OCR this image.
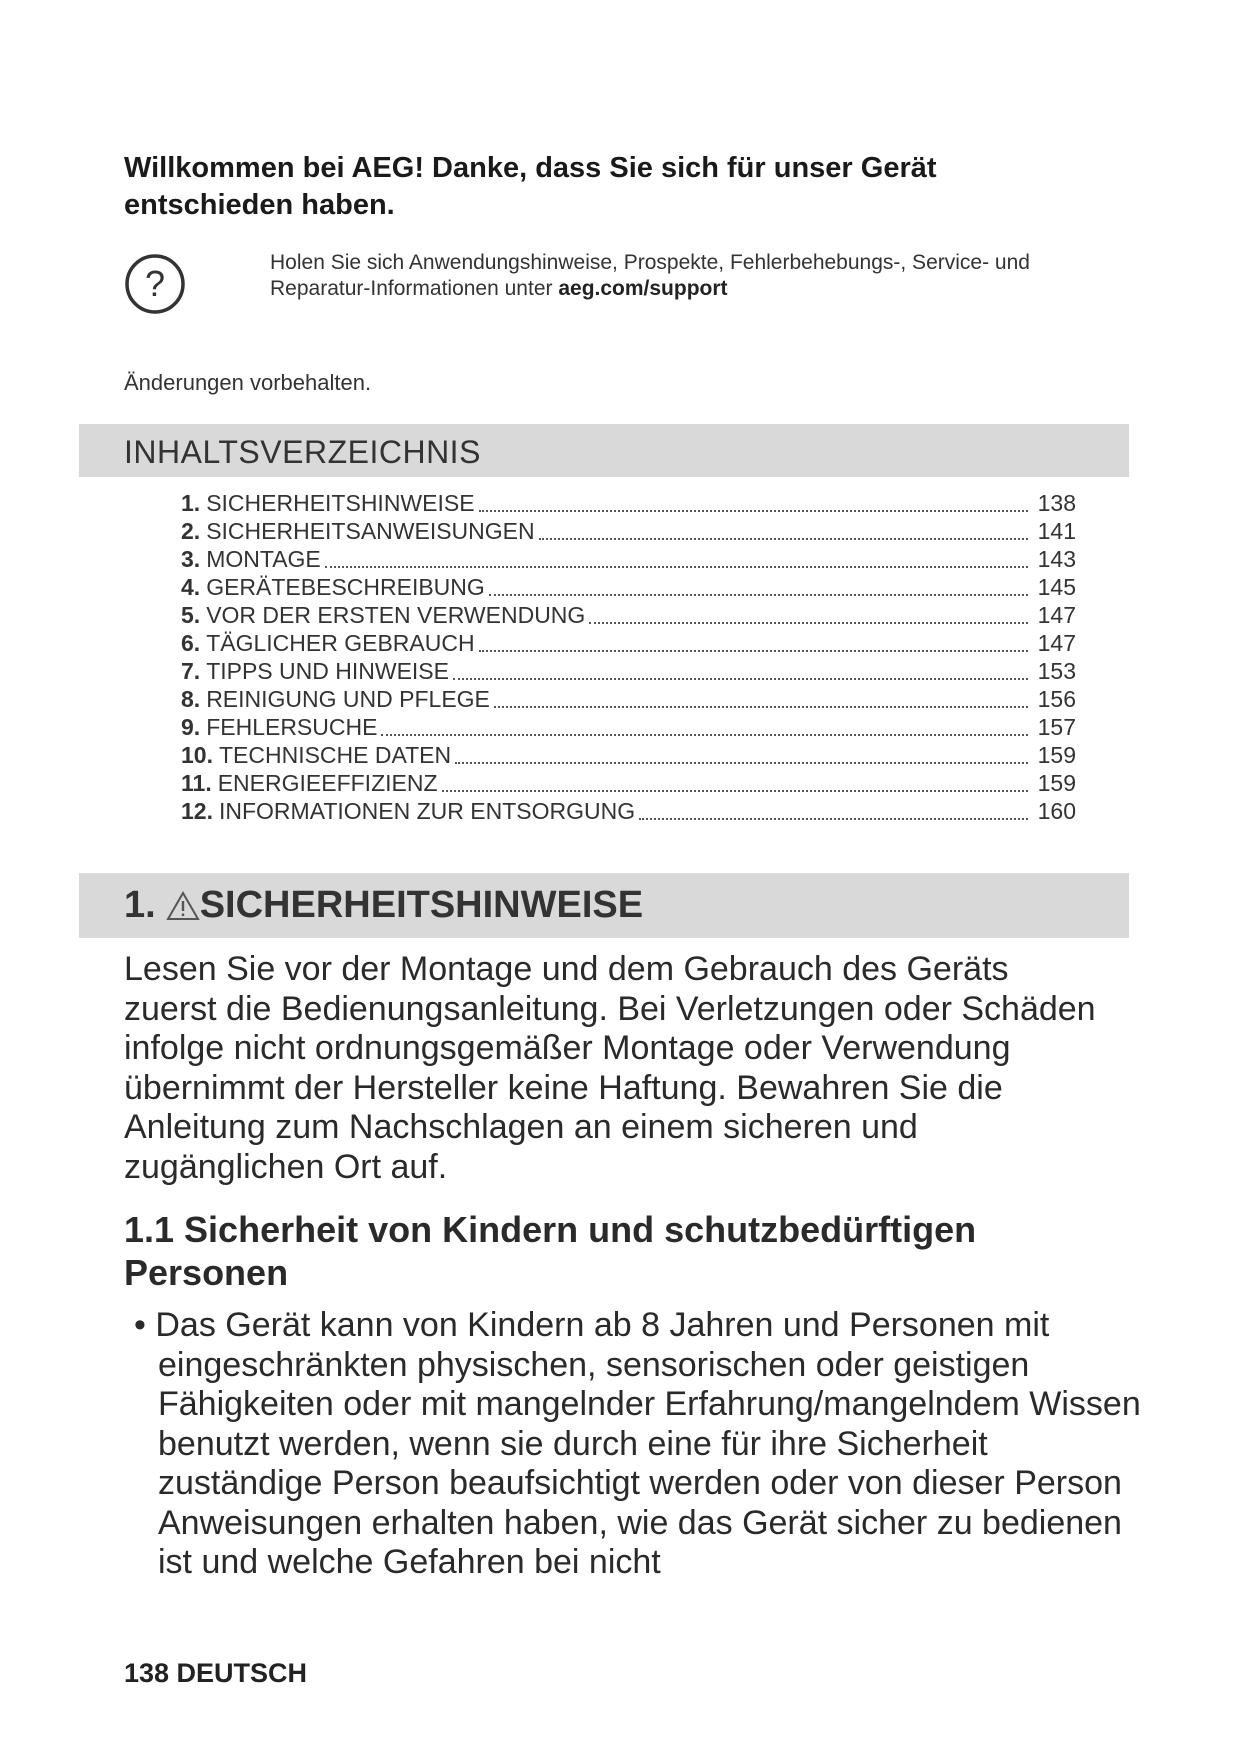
Willkommen bei AEG! Danke, dass Sie sich für unser Gerät entschieden haben.

?
Holen Sie sich Anwendungshinweise, Prospekte, Fehlerbehebungs-, Service- und Reparatur-Informationen unter aeg.com/support
Änderungen vorbehalten.
INHALTSVERZEICHNIS
1. SICHERHEITSHINWEISE	138
2. SICHERHEITSANWEISUNGEN	141
3. MONTAGE	143
4. GERÄTEBESCHREIBUNG	145
5. VOR DER ERSTEN VERWENDUNG	147
6. TÄGLICHER GEBRAUCH	147
7. TIPPS UND HINWEISE	153
8. REINIGUNG UND PFLEGE	156
9. FEHLERSUCHE	157
10. TECHNISCHE DATEN	159
11. ENERGIEEFFIZIENZ	159
12. INFORMATIONEN ZUR ENTSORGUNG	160
1. SICHERHEITSHINWEISE

Lesen Sie vor der Montage und dem Gebrauch des Geräts zuerst die Bedienungsanleitung. Bei Verletzungen oder Schäden infolge nicht ordnungsgemäßer Montage oder Verwendung übernimmt der Hersteller keine Haftung. Bewahren Sie die Anleitung zum Nachschlagen an einem sicheren und zugänglichen Ort auf.

1.1 Sicherheit von Kindern und schutzbedürftigen Personen

• Das Gerät kann von Kindern ab 8 Jahren und Personen mit eingeschränkten physischen, sensorischen oder geistigen Fähigkeiten oder mit mangelnder Erfahrung/mangelndem Wissen benutzt werden, wenn sie durch eine für ihre Sicherheit zuständige Person beaufsichtigt werden oder von dieser Person Anweisungen erhalten haben, wie das Gerät sicher zu bedienen ist und welche Gefahren bei nicht

138 DEUTSCH
